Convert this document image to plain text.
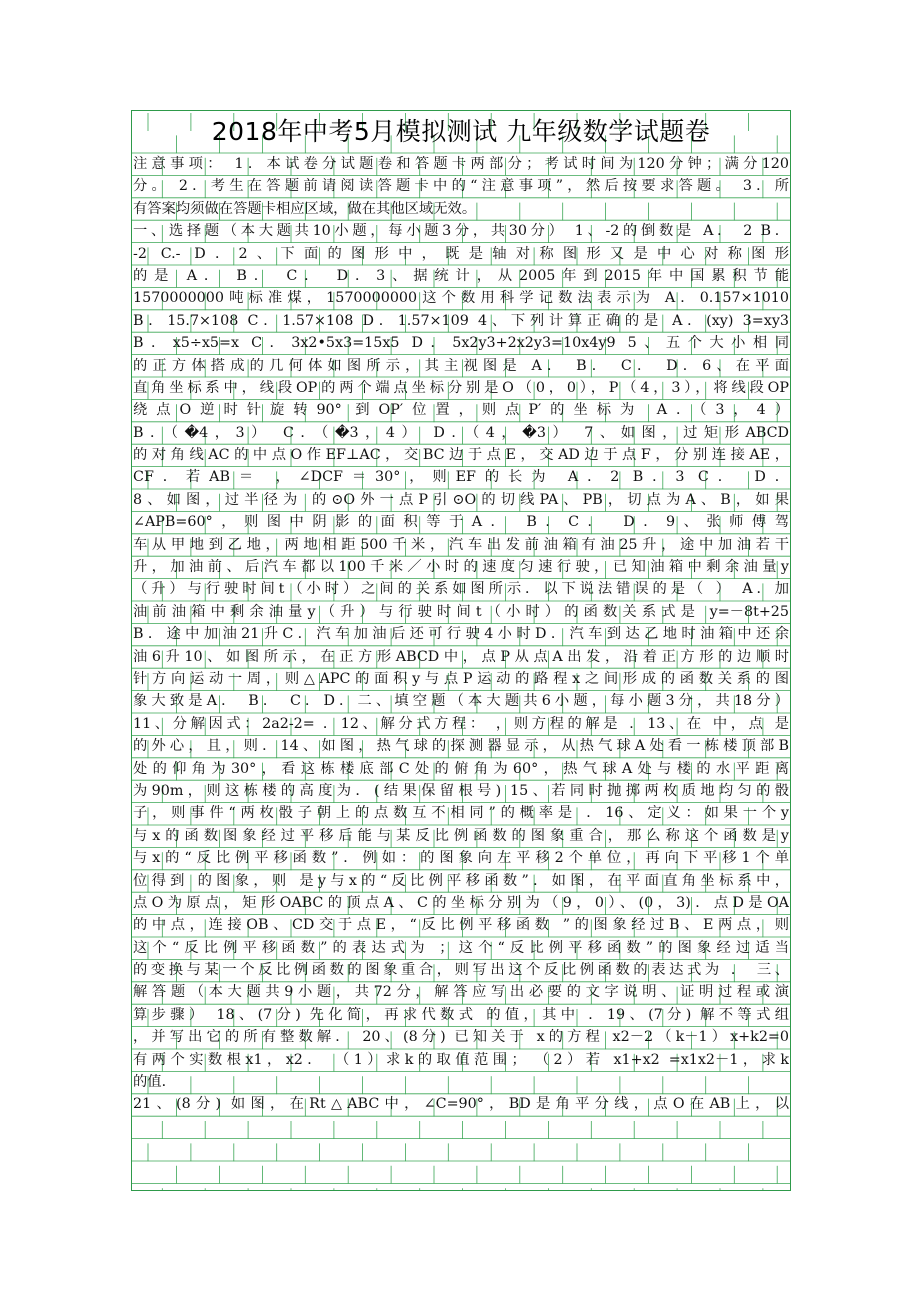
2018年中考5月模拟测试 九年级数学试题卷
注意事项： 1．本试卷分试题卷和答题卡两部分；考试时间为120分钟；满分120
分。 2．考生在答题前请阅读答题卡中的“注意事项”，然后按要求答题。 3．所
有答案均须做在答题卡相应区域，做在其他区域无效。
一、选择题（本大题共10小题，每小题3分，共30分） 1、-2的倒数是 A． 2 B．
-2 C.- D．2、下面的图形中，既是轴对称图形又是中心对称图形
的是 A． B． C． D．3、据统计，从2005年到2015年中国累积节能
1570000000吨标准煤，1570000000这个数用科学记数法表示为 A．0.157×1010
B．15.7×108 C．1.57×108 D．1.57×109 4、下列计算正确的是 A．(xy) 3=xy3
B．x5÷x5=x C．3x2•5x3=15x5 D．5x2y3+2x2y3=10x4y9 5、五个大小相同
的正方体搭成的几何体如图所示，其主视图是 A． B． C． D．6、在平面
直角坐标系中，线段OP的两个端点坐标分别是O（0，0），P（4，3），将线段OP
绕点O逆时针旋转90° 到OP′位置，则点P′的坐标为 A．（3，4）
B．（�4，3） C．（�3，4） D．（4，�3） 7、如图，过矩形ABCD
的对角线AC的中点O作EF⊥AC，交BC边于点E，交AD边于点F，分别连接AE，
CF．若AB＝ ，∠DCF＝30°，则EF的长为 A．2 B．3 C． D．
8、如图，过半径为 的⊙O外一点P引⊙O的切线PA、PB，切点为A、B，如果
∠APB=60°，则图中阴影的面积等于A． B．C． D．9、张师傅驾
车从甲地到乙地，两地相距500千米，汽车出发前油箱有油25升，途中加油若干
升，加油前、后汽车都以100千米／小时的速度匀速行驶，已知油箱中剩余油量y
（升）与行驶时间t（小时）之间的关系如图所示．以下说法错误的是（ ） A．加
油前油箱中剩余油量y（升）与行驶时间t（小时）的函数关系式是 y=－8t+25
B．途中加油21升C．汽车加油后还可行驶4小时D．汽车到达乙地时油箱中还余
油6升10、如图所示，在正方形ABCD中，点P从点A出发，沿着正方形的边顺时
针方向运动一周，则△APC的面积y与点P运动的路程x之间形成的函数关系的图
象大致是A． B． C．D．二、填空题（本大题共6小题，每小题3分，共18分）
11、分解因式：2a2-2= ．12、解分式方程： ，则方程的解是 ．13、在 中，点 是
的外心，且，则．14、如图，热气球的探测器显示，从热气球A处看一栋楼顶部B
处的仰角为30°，看这栋楼底部C处的俯角为60°，热气球A处与楼的水平距离
为90m，则这栋楼的高度为．(结果保留根号) 15、若同时抛掷两枚质地均匀的骰
子，则事件“两枚骰子朝上的点数互不相同”的概率是 ．16、定义：如果一个y
与x的函数图象经过平移后能与某反比例函数的图象重合，那么称这个函数是y
与x的“反比例平移函数”．例如：的图象向左平移2个单位，再向下平移1个单
位得到 的图象，则 是y与x的“反比例平移函数”．如图，在平面直角坐标系中，
点O为原点，矩形OABC的顶点A、C的坐标分别为（9，0）、(0，3)．点D是OA
的中点，连接OB、CD交于点E，“反比例平移函数 ”的图象经过B、E两点，则
这个“反比例平移函数”的表达式为 ；这个“反比例平移函数”的图象经过适当
的变换与某一个反比例函数的图象重合，则写出这个反比例函数的表达式为 ． 三、
解答题（本大题共9小题，共72分，解答应写出必要的文字说明、证明过程或演
算步骤） 18、(7分) 先化简，再求代数式 的值，其中 ．19、(7分) 解不等式组
，并写出它的所有整数解． 20、(8分) 已知关于 x的方程 x2－2（k－1）x+k2=0
有两个实数根x1，x2． （1）求k的取值范围； （2）若 x1+x2 =x1x2－1，求k
的值．
21、(8分) 如图，在Rt△ABC中，∠C=90°，BD是角平分线，点O在AB上，以
